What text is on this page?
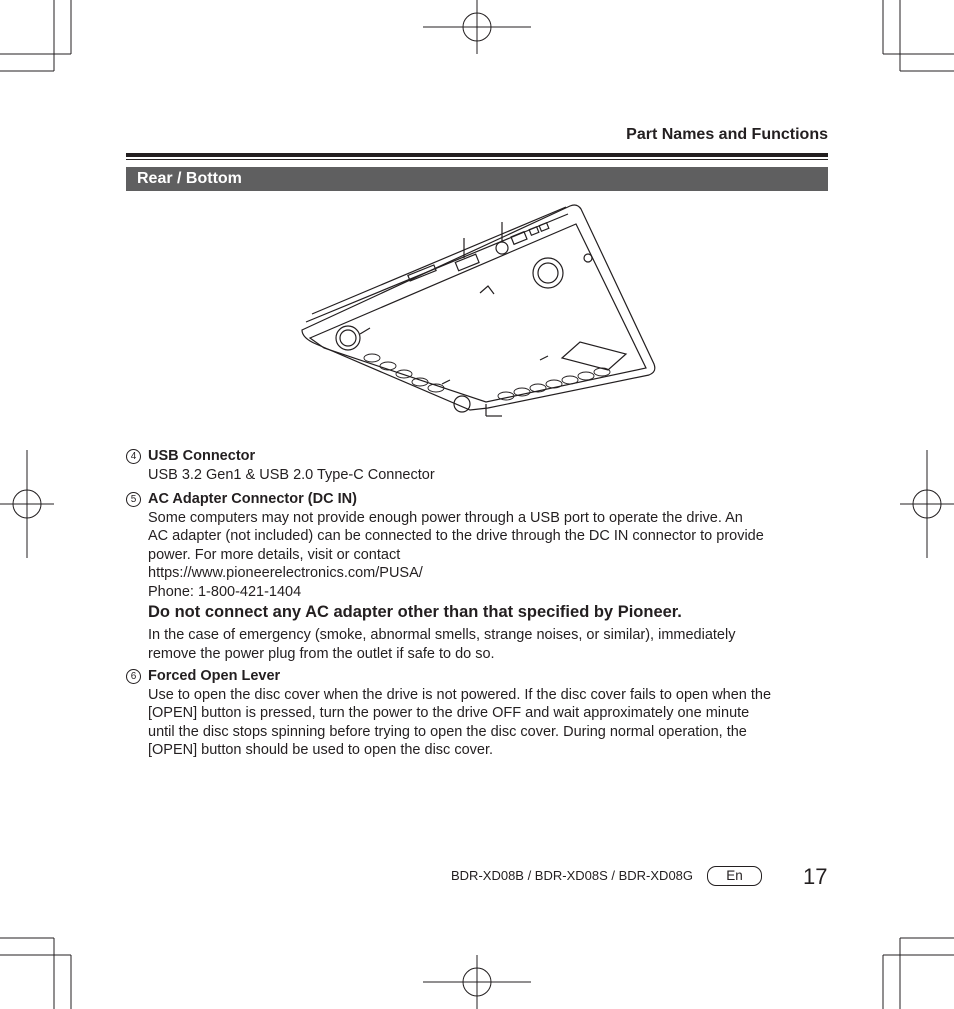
Part Names and Functions
Rear / Bottom
4 USB Connector
USB 3.2 Gen1 & USB 2.0 Type-C Connector
5 AC Adapter Connector (DC IN)
Some computers may not provide enough power through a USB port to operate the drive. An
AC adapter (not included) can be connected to the drive through the DC IN connector to provide
power. For more details, visit or contact
https://www.pioneerelectronics.com/PUSA/
Phone: 1-800-421-1404
Do not connect any AC adapter other than that specified by Pioneer.
In the case of emergency (smoke, abnormal smells, strange noises, or similar), immediately
remove the power plug from the outlet if safe to do so.
6 Forced Open Lever
Use to open the disc cover when the drive is not powered. If the disc cover fails to open when the
[OPEN] button is pressed, turn the power to the drive OFF and wait approximately one minute
until the disc stops spinning before trying to open the disc cover. During normal operation, the
[OPEN] button should be used to open the disc cover.
BDR-XD08B / BDR-XD08S / BDR-XD08G	En	17
